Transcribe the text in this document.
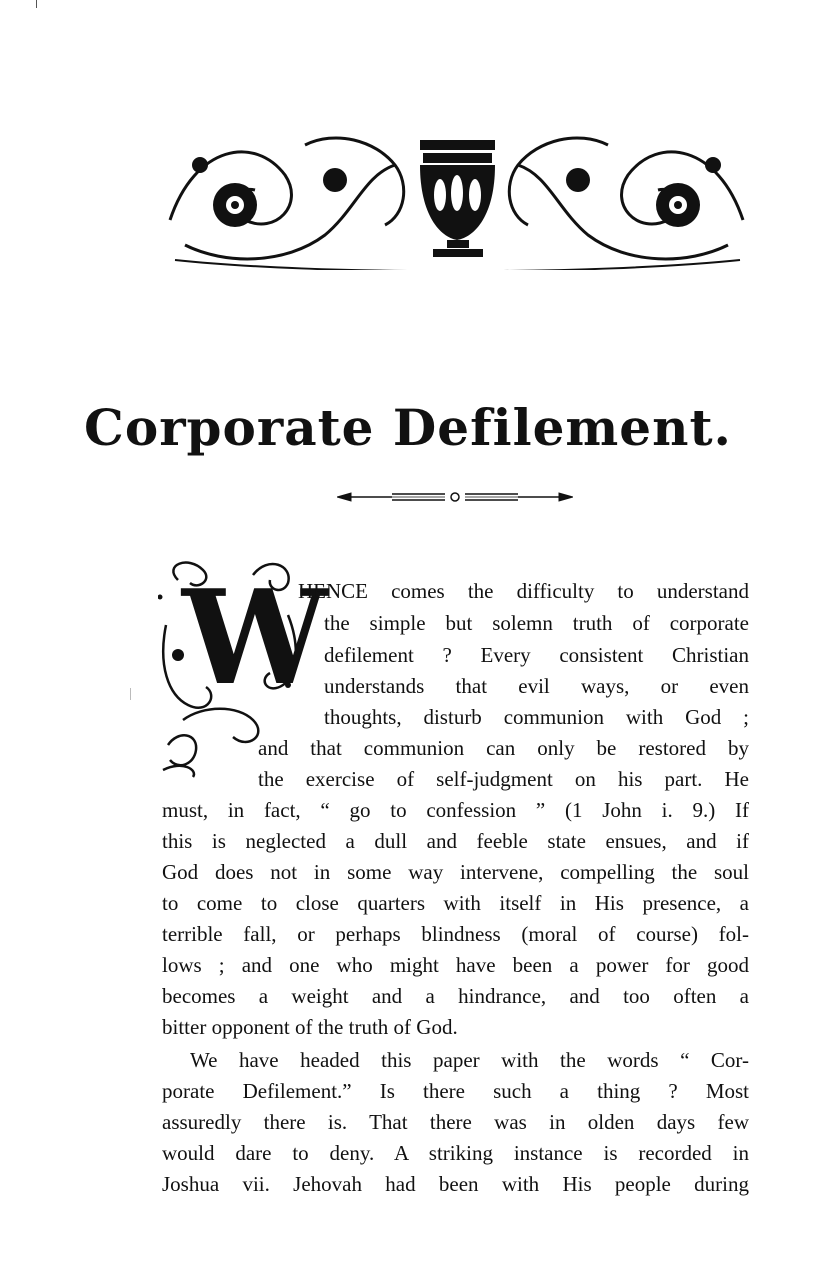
Corporate Defilement.
W

HENCE comes the difficulty to understand

the simple but solemn truth of corporate

defilement ? Every consistent Christian

understands that evil ways, or even

thoughts, disturb communion with God ;

and that communion can only be restored by

the exercise of self-judgment on his part. He

must, in fact, “ go to confession ” (1 John i. 9.) If

this is neglected a dull and feeble state ensues, and if

God does not in some way intervene, compelling the soul

to come to close quarters with itself in His presence, a

terrible fall, or perhaps blindness (moral of course) fol-

lows ; and one who might have been a power for good

becomes a weight and a hindrance, and too often a

bitter opponent of the truth of God.

We have headed this paper with the words “ Cor-

porate Defilement.” Is there such a thing ? Most

assuredly there is. That there was in olden days few

would dare to deny. A striking instance is recorded in

Joshua vii. Jehovah had been with His people during
